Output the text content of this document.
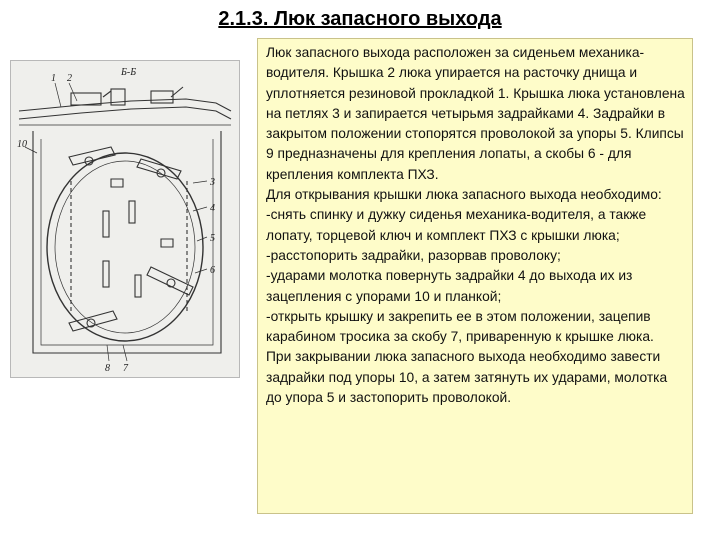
2.1.3. Люк запасного выхода
Б-Б
1 2
10
3
4
5
6
8 7

Люк запасного выхода расположен за сиденьем механика-водителя. Крышка 2 люка упирается на расточку днища и уплотняется резиновой прокладкой 1. Крышка люка установлена на петлях 3 и запирается четырьмя задрайками 4. Задрайки в закрытом положении стопорятся проволокой за упоры 5. Клипсы 9 предназначены для крепления лопаты, а скобы 6 - для крепления комплекта ПХЗ.

Для открывания крышки люка запасного выхода необходимо:

-снять спинку и дужку сиденья механика-водителя, а также лопату, торцевой ключ и комплект ПХЗ с крышки люка;

-расстопорить задрайки, разорвав проволоку;

-ударами молотка повернуть задрайки 4 до выхода их из зацепления с упорами 10 и планкой;

-открыть крышку и закрепить ее в этом положении, зацепив карабином тросика за скобу 7, приваренную к крышке люка.

При закрывании люка запасного выхода необходимо завести задрайки под упоры 10, а затем затянуть их ударами, молотка до упора 5 и застопорить проволокой.
